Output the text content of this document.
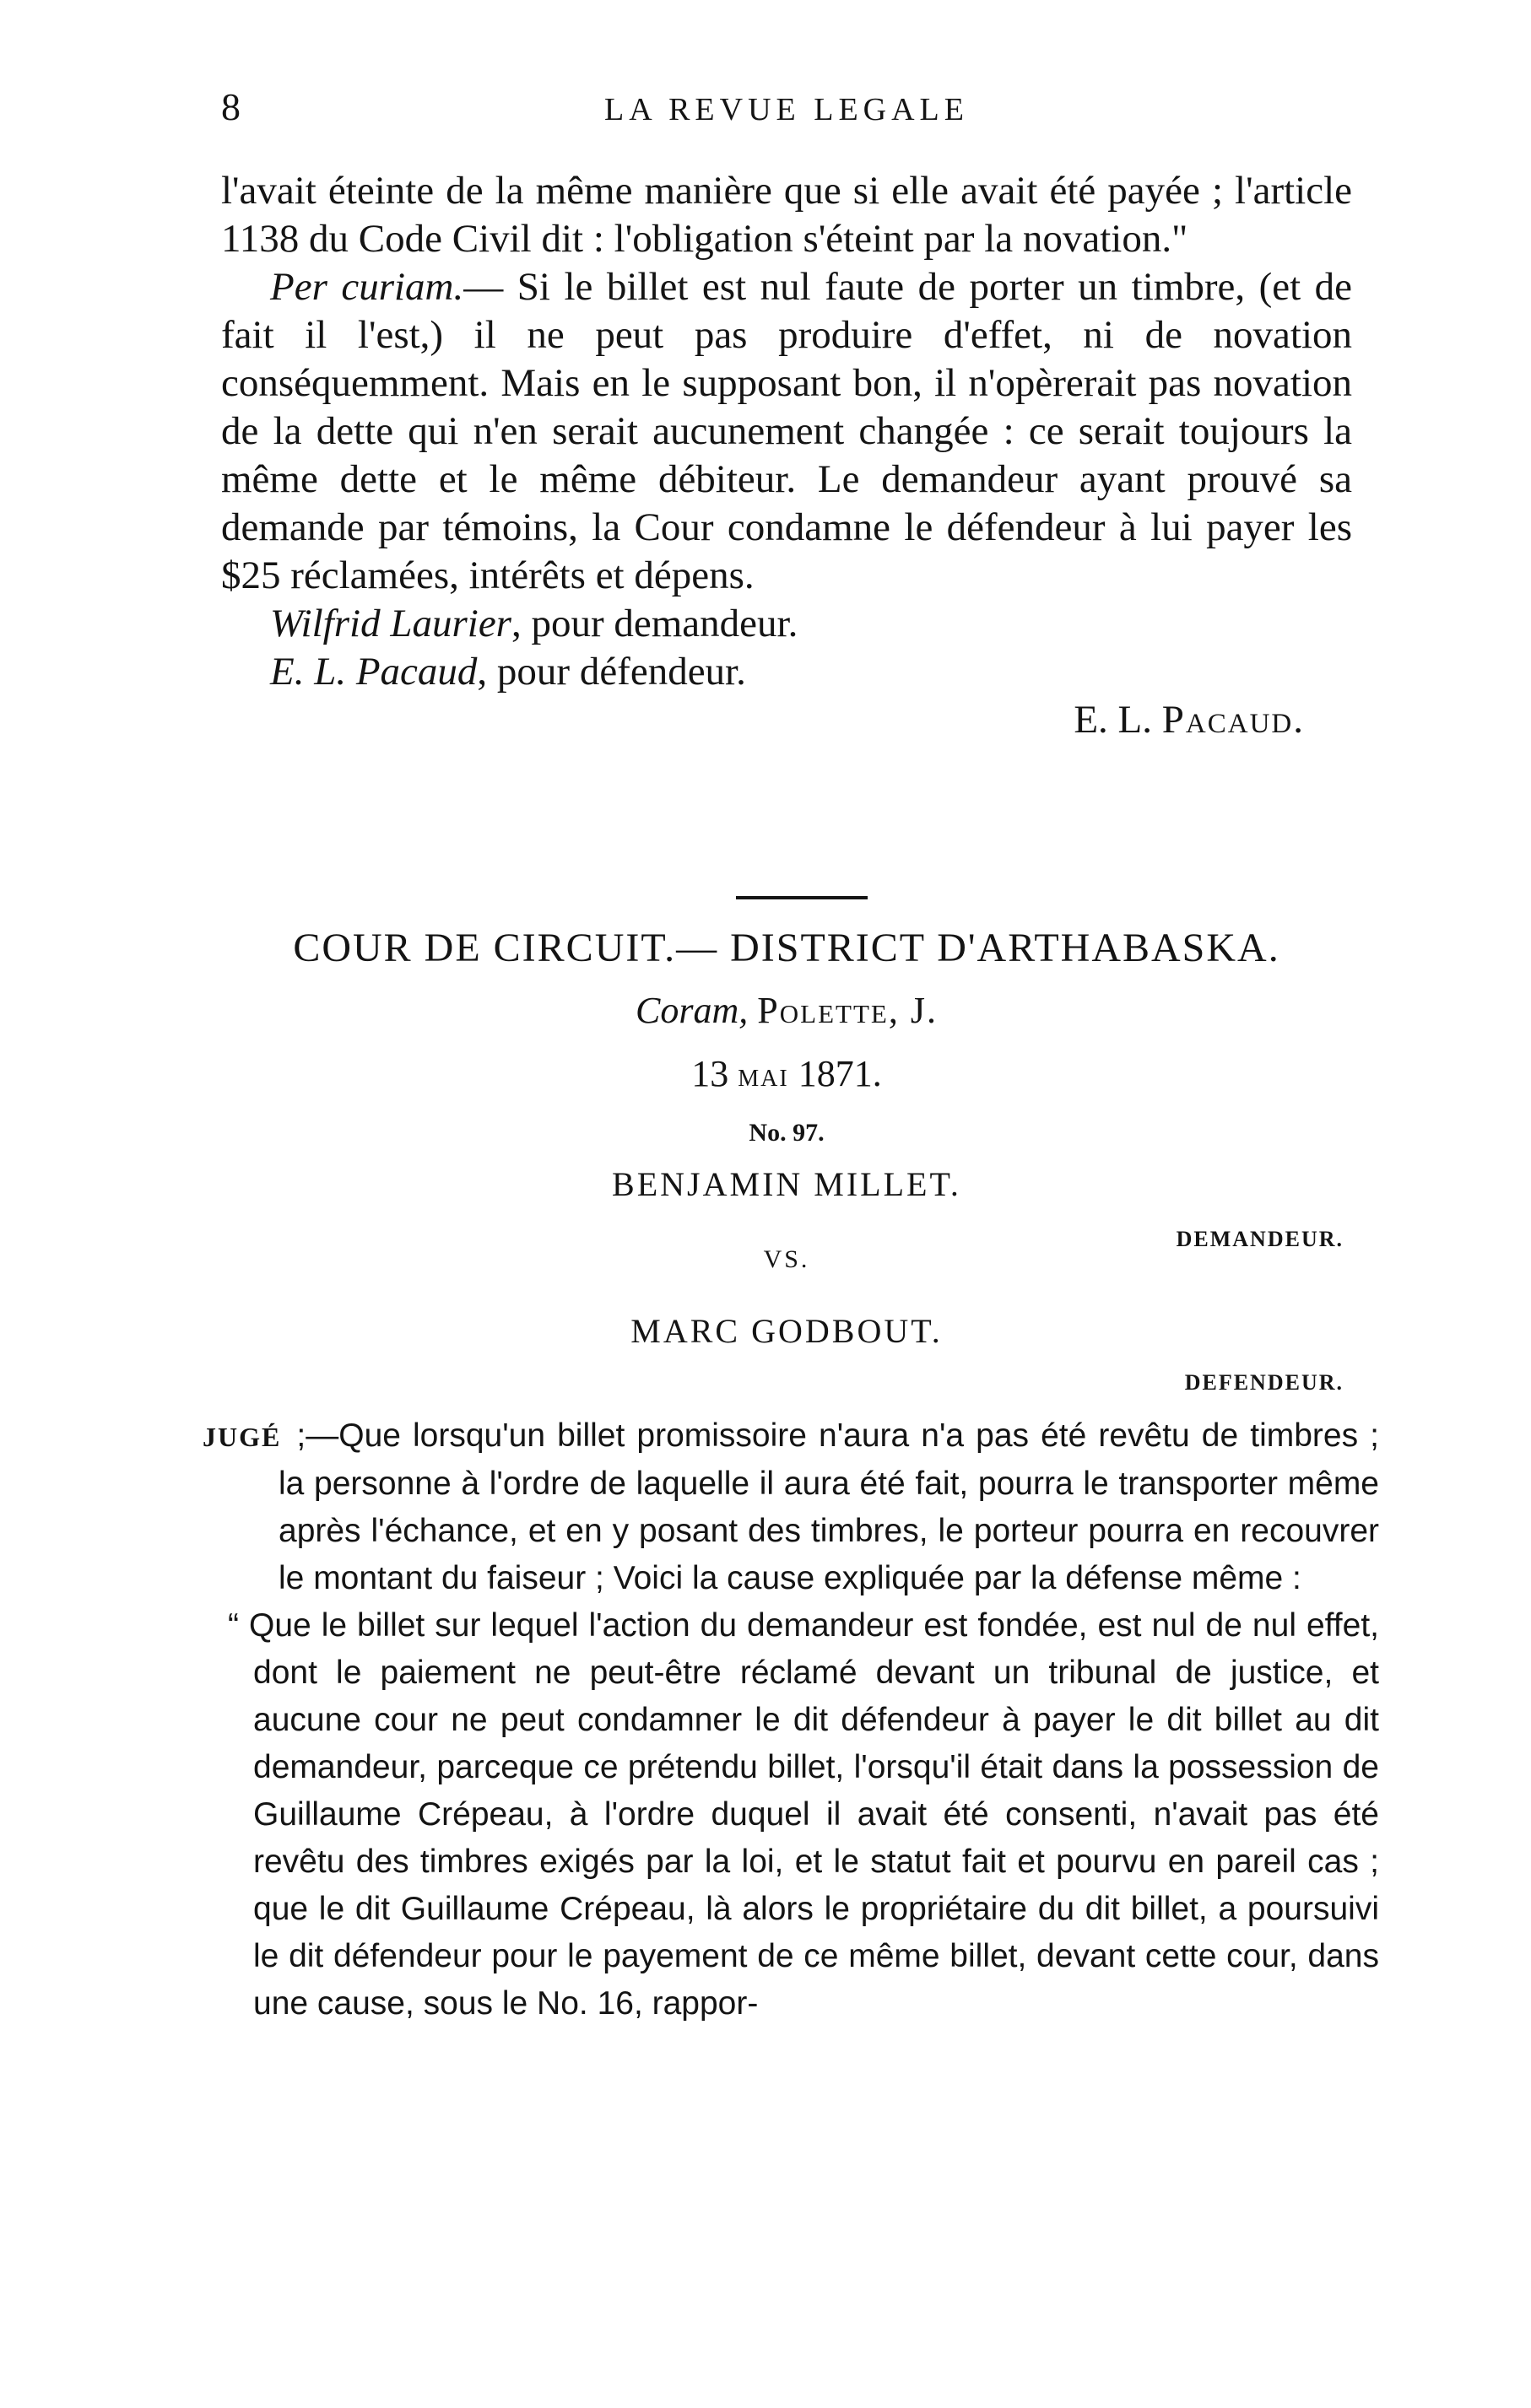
8	LA REVUE LEGALE

l'avait éteinte de la même manière que si elle avait été payée ; l'article 1138 du Code Civil dit : l'obligation s'éteint par la novation."

Per curiam.— Si le billet est nul faute de porter un timbre, (et de fait il l'est,) il ne peut pas produire d'effet, ni de novation conséquemment. Mais en le supposant bon, il n'opèrerait pas novation de la dette qui n'en serait aucunement changée : ce serait toujours la même dette et le même débiteur. Le demandeur ayant prouvé sa demande par témoins, la Cour condamne le défendeur à lui payer les $25 réclamées, intérêts et dépens.

Wilfrid Laurier, pour demandeur.

E. L. Pacaud, pour défendeur.

E. L. Pacaud.

COUR DE CIRCUIT.— DISTRICT D'ARTHABASKA.
Coram, Polette, J.
13 MAI 1871.
No. 97.
BENJAMIN MILLET.
DEMANDEUR.
VS.
MARC GODBOUT.
DEFENDEUR.

JUGÉ ;—Que lorsqu'un billet promissoire n'aura n'a pas été revêtu de timbres ; la personne à l'ordre de laquelle il aura été fait, pourra le transporter même après l'échance, et en y posant des timbres, le porteur pourra en recouvrer le montant du faiseur ; Voici la cause expliquée par la défense même :

“ Que le billet sur lequel l'action du demandeur est fondée, est nul de nul effet, dont le paiement ne peut-être réclamé devant un tribunal de justice, et aucune cour ne peut condamner le dit défendeur à payer le dit billet au dit demandeur, parceque ce prétendu billet, l'orsqu'il était dans la possession de Guillaume Crépeau, à l'ordre duquel il avait été consenti, n'avait pas été revêtu des timbres exigés par la loi, et le statut fait et pourvu en pareil cas ; que le dit Guillaume Crépeau, là alors le propriétaire du dit billet, a poursuivi le dit défendeur pour le payement de ce même billet, devant cette cour, dans une cause, sous le No. 16, rappor-
